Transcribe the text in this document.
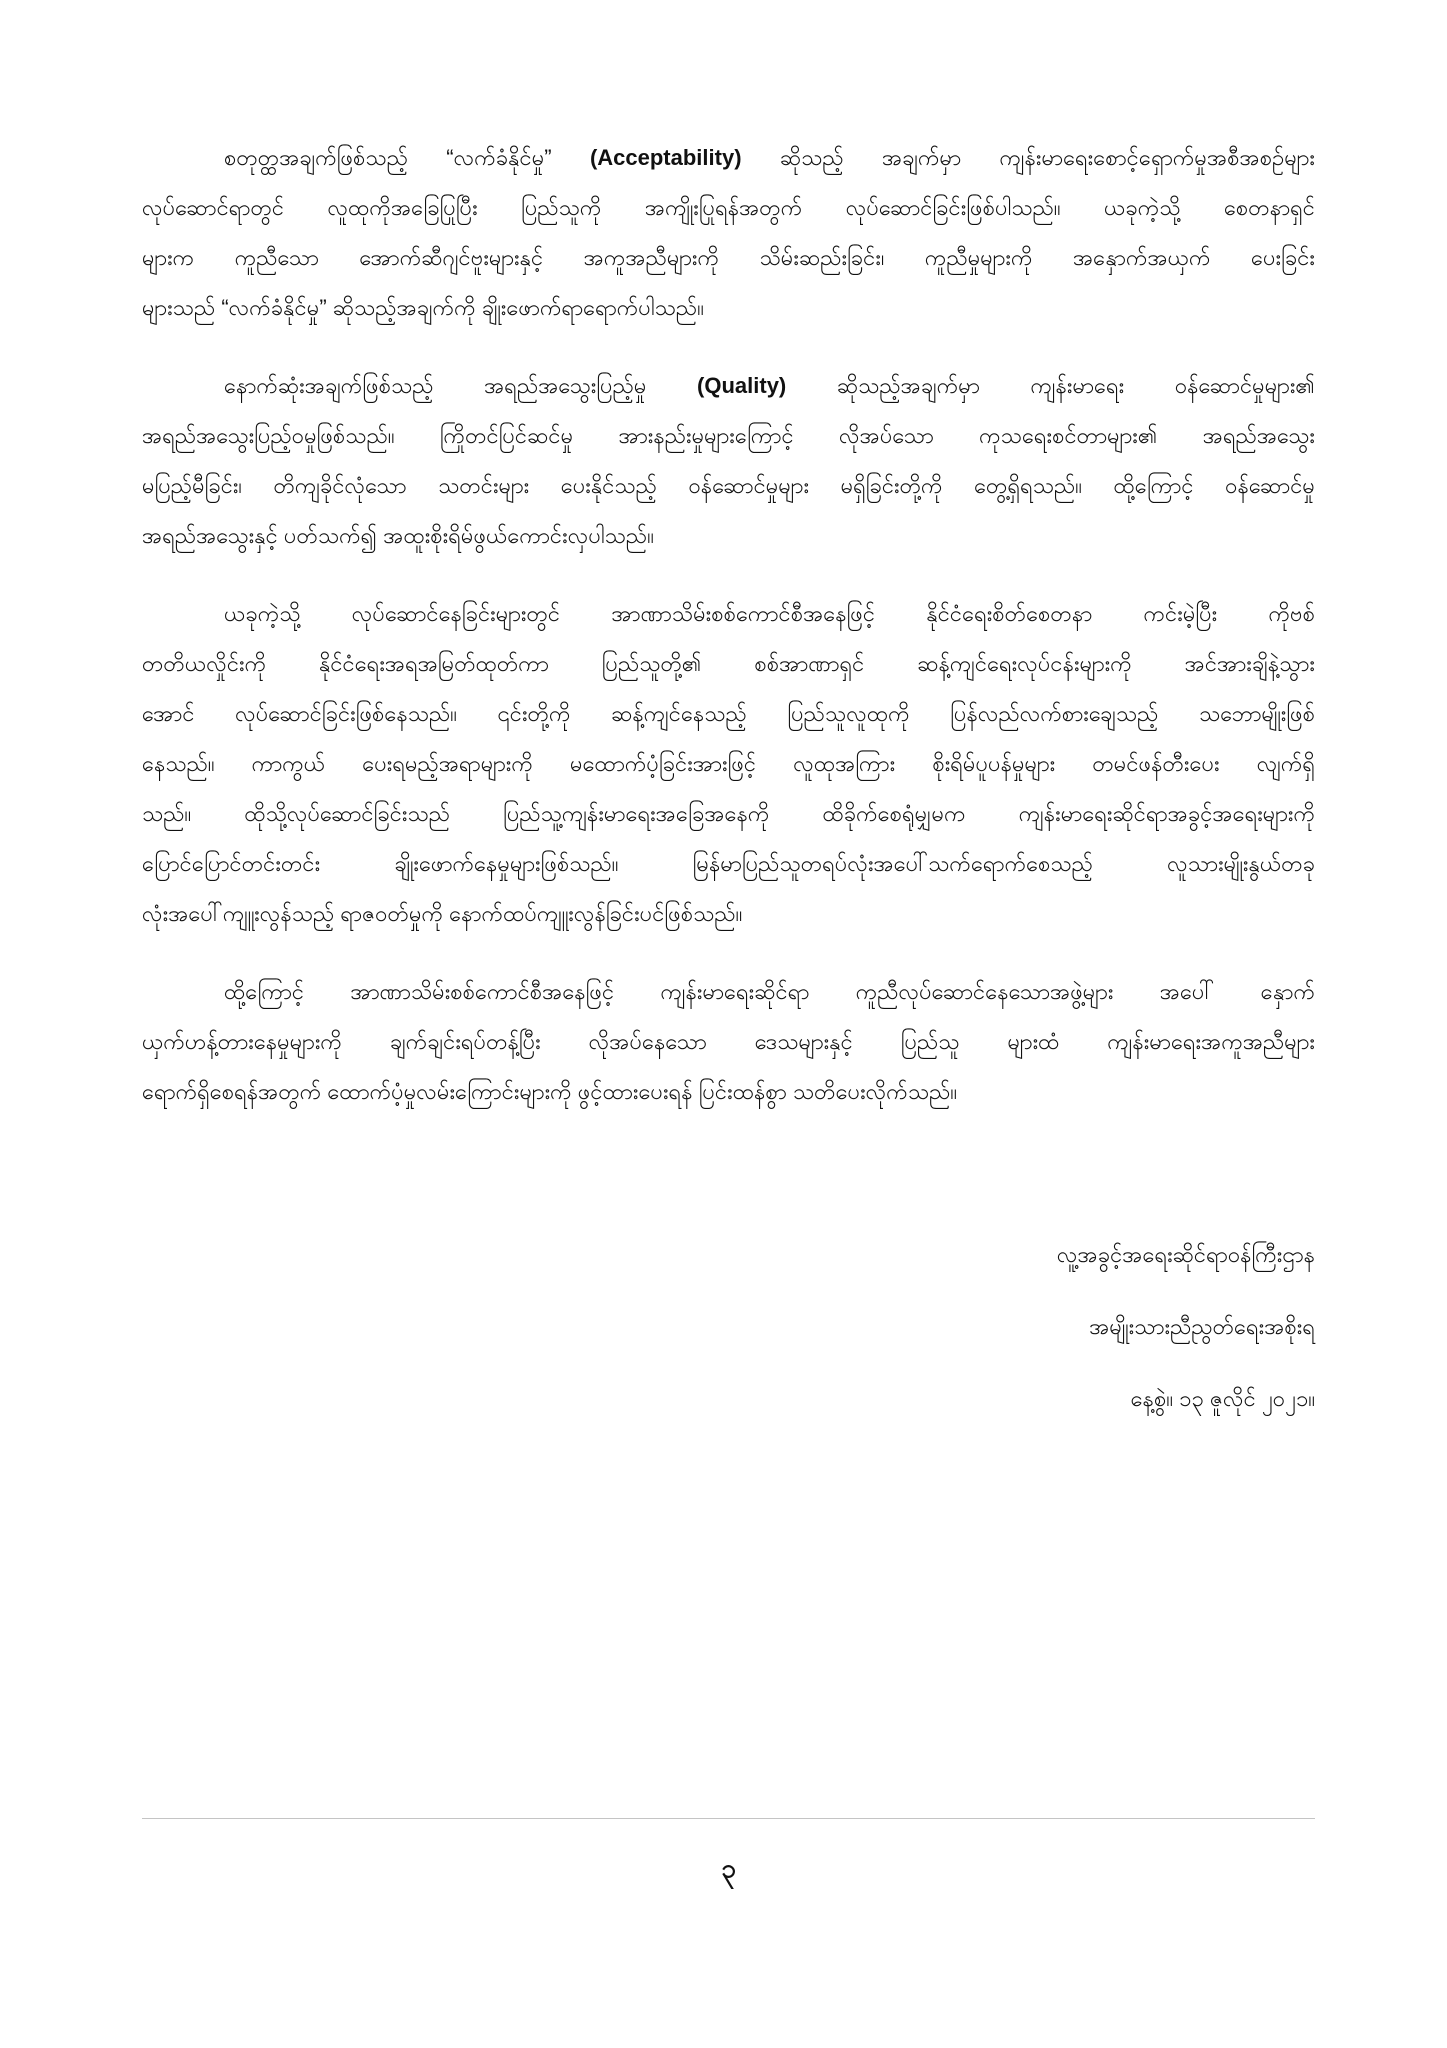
စတုတ္ထအချက်ဖြစ်သည့် “လက်ခံနိုင်မှု” (Acceptability) ဆိုသည့် အချက်မှာ ကျန်းမာရေးစောင့်ရှောက်မှုအစီအစဉ်များ
လုပ်ဆောင်ရာတွင် လူထုကိုအခြေပြုပြီး ပြည်သူကို အကျိုးပြုရန်အတွက် လုပ်ဆောင်ခြင်းဖြစ်ပါသည်။ ယခုကဲ့သို့ စေတနာရှင်
များက ကူညီသော အောက်ဆီဂျင်ဗူးများနှင့် အကူအညီများကို သိမ်းဆည်းခြင်း၊ ကူညီမှုများကို အနှောက်အယှက် ပေးခြင်း
များသည် “လက်ခံနိုင်မှု” ဆိုသည့်အချက်ကို ချိုးဖောက်ရာရောက်ပါသည်။
နောက်ဆုံးအချက်ဖြစ်သည့် အရည်အသွေးပြည့်မှု (Quality) ဆိုသည့်အချက်မှာ ကျန်းမာရေး ဝန်ဆောင်မှုများ၏
အရည်အသွေးပြည့်ဝမှုဖြစ်သည်။ ကြိုတင်ပြင်ဆင်မှု အားနည်းမှုများကြောင့် လိုအပ်သော ကုသရေးစင်တာများ၏ အရည်အသွေး
မပြည့်မီခြင်း၊ တိကျခိုင်လုံသော သတင်းများ ပေးနိုင်သည့် ဝန်ဆောင်မှုများ မရှိခြင်းတို့ကို တွေ့ရှိရသည်။ ထို့ကြောင့် ဝန်ဆောင်မှု
အရည်အသွေးနှင့် ပတ်သက်၍ အထူးစိုးရိမ်ဖွယ်ကောင်းလှပါသည်။
ယခုကဲ့သို့ လုပ်ဆောင်နေခြင်းများတွင် အာဏာသိမ်းစစ်ကောင်စီအနေဖြင့် နိုင်ငံရေးစိတ်စေတနာ ကင်းမဲ့ပြီး ကိုဗစ်
တတိယလှိုင်းကို နိုင်ငံရေးအရအမြတ်ထုတ်ကာ ပြည်သူတို့၏ စစ်အာဏာရှင် ဆန့်ကျင်ရေးလုပ်ငန်းများကို အင်အားချိနဲ့သွား
အောင် လုပ်ဆောင်ခြင်းဖြစ်နေသည်။ ၎င်းတို့ကို ဆန့်ကျင်နေသည့် ပြည်သူလူထုကို ပြန်လည်လက်စားချေသည့် သဘောမျိုးဖြစ်
နေသည်။ ကာကွယ် ပေးရမည့်အရာများကို မထောက်ပံ့ခြင်းအားဖြင့် လူထုအကြား စိုးရိမ်ပူပန်မှုများ တမင်ဖန်တီးပေး လျက်ရှိ
သည်။ ထိုသို့လုပ်ဆောင်ခြင်းသည် ပြည်သူ့ကျန်းမာရေးအခြေအနေကို ထိခိုက်စေရုံမျှမက ကျန်းမာရေးဆိုင်ရာအခွင့်အရေးများကို
ပြောင်ပြောင်တင်းတင်း ချိုးဖောက်နေမှုများဖြစ်သည်။ မြန်မာပြည်သူတရပ်လုံးအပေါ်သက်ရောက်စေသည့် လူသားမျိုးနွယ်တခု
လုံးအပေါ်ကျူးလွန်သည့် ရာဇဝတ်မှုကို နောက်ထပ်ကျူးလွန်ခြင်းပင်ဖြစ်သည်။
ထို့ကြောင့် အာဏာသိမ်းစစ်ကောင်စီအနေဖြင့် ကျန်းမာရေးဆိုင်ရာ ကူညီလုပ်ဆောင်နေသောအဖွဲ့များ အပေါ် နှောက်
ယှက်ဟန့်တားနေမှုများကို ချက်ချင်းရပ်တန့်ပြီး လိုအပ်နေသော ဒေသများနှင့် ပြည်သူ များထံ ကျန်းမာရေးအကူအညီများ
ရောက်ရှိစေရန်အတွက် ထောက်ပံ့မှုလမ်းကြောင်းများကို ဖွင့်ထားပေးရန် ပြင်းထန်စွာ သတိပေးလိုက်သည်။
လူ့အခွင့်အရေးဆိုင်ရာဝန်ကြီးဌာန
အမျိုးသားညီညွတ်ရေးအစိုးရ
နေ့စွဲ။ ၁၃ ဇူလိုင် ၂၀၂၁။
၃
